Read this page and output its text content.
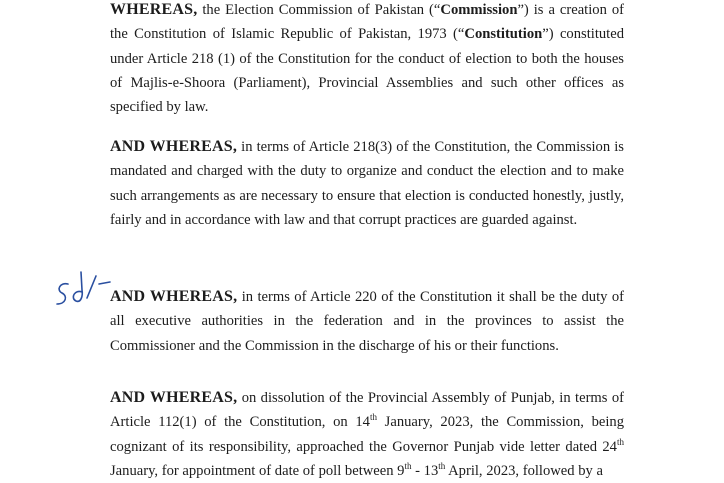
WHEREAS, the Election Commission of Pakistan (“Commission”) is a creation of the Constitution of Islamic Republic of Pakistan, 1973 (“Constitution”) constituted under Article 218 (1) of the Constitution for the conduct of election to both the houses of Majlis-e-Shoora (Parliament), Provincial Assemblies and such other offices as specified by law.

AND WHEREAS, in terms of Article 218(3) of the Constitution, the Commission is mandated and charged with the duty to organize and conduct the election and to make such arrangements as are necessary to ensure that election is conducted honestly, justly, fairly and in accordance with law and that corrupt practices are guarded against.

AND WHEREAS, in terms of Article 220 of the Constitution it shall be the duty of all executive authorities in the federation and in the provinces to assist the Commissioner and the Commission in the discharge of his or their functions.

AND WHEREAS, on dissolution of the Provincial Assembly of Punjab, in terms of Article 112(1) of the Constitution, on 14th January, 2023, the Commission, being cognizant of its responsibility, approached the Governor Punjab vide letter dated 24th January, for appointment of date of poll between 9th - 13th April, 2023, followed by a
